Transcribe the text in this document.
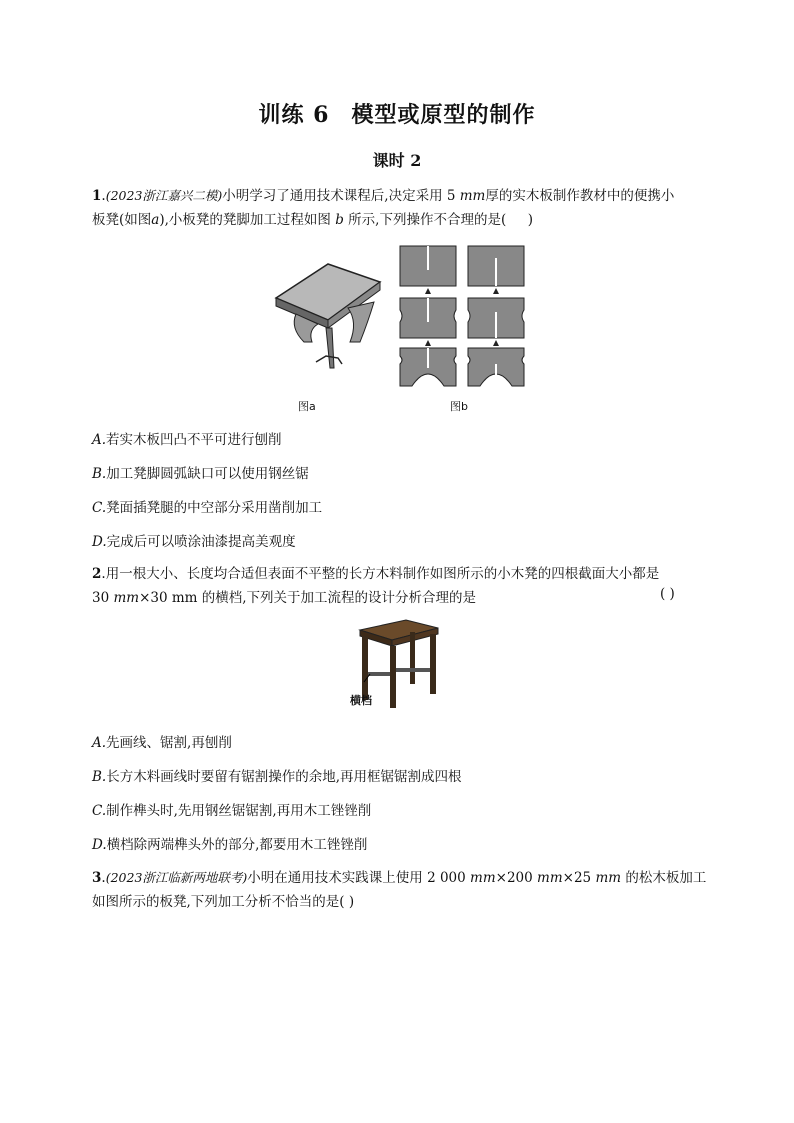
训练 6 模型或原型的制作
课时 2
1.(2023浙江嘉兴二模)小明学习了通用技术课程后,决定采用 5 mm厚的实木板制作教材中的便携小
板凳(如图a),小板凳的凳脚加工过程如图 b 所示,下列操作不合理的是( )
图a	图b
A.若实木板凹凸不平可进行刨削
B.加工凳脚圆弧缺口可以使用钢丝锯
C.凳面插凳腿的中空部分采用凿削加工
D.完成后可以喷涂油漆提高美观度
2.用一根大小、长度均合适但表面不平整的长方木料制作如图所示的小木凳的四根截面大小都是
30 mm×30 mm 的横档,下列关于加工流程的设计分析合理的是	( )
横档
A.先画线、锯割,再刨削
B.长方木料画线时要留有锯割操作的余地,再用框锯锯割成四根
C.制作榫头时,先用钢丝锯锯割,再用木工锉锉削
D.横档除两端榫头外的部分,都要用木工锉锉削
3.(2023浙江临新两地联考)小明在通用技术实践课上使用 2 000 mm×200 mm×25 mm 的松木板加工
如图所示的板凳,下列加工分析不恰当的是( )
